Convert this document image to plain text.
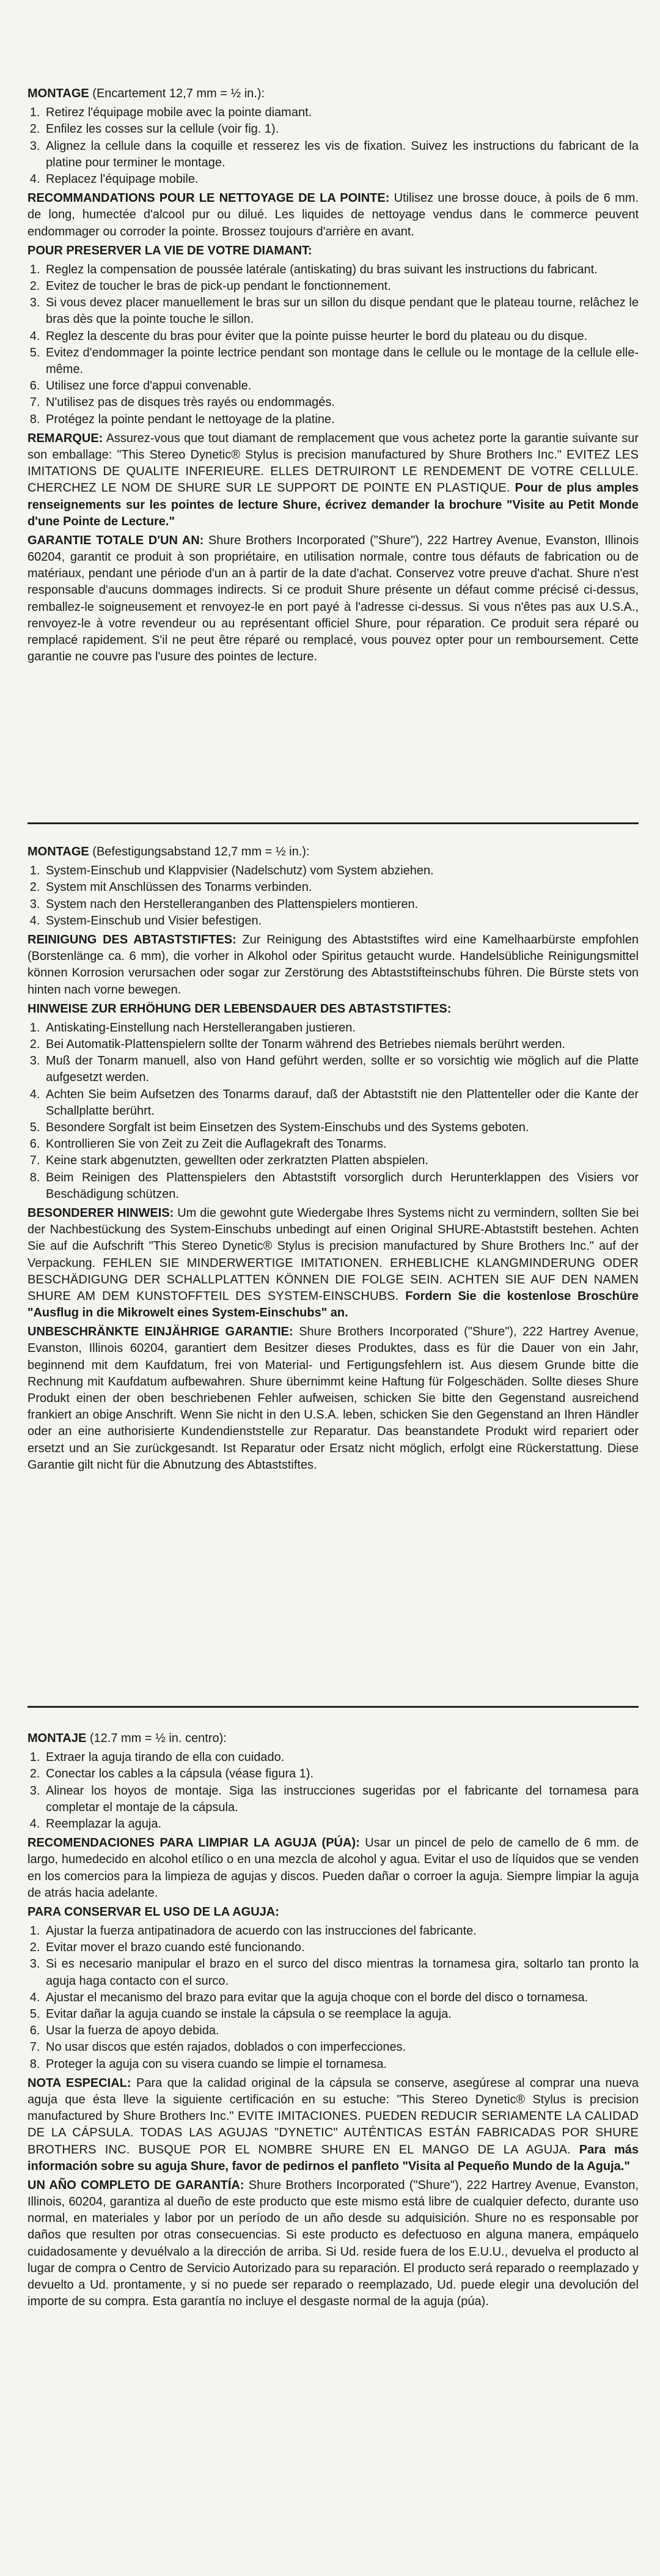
MONTAGE (Encartement 12,7 mm = ½ in.):

1. Retirez l'équipage mobile avec la pointe diamant.
2. Enfilez les cosses sur la cellule (voir fig. 1).
3. Alignez la cellule dans la coquille et resserez les vis de fixation. Suivez les instructions du fabricant de la platine pour terminer le montage.
4. Replacez l'équipage mobile.

RECOMMANDATIONS POUR LE NETTOYAGE DE LA POINTE: Utilisez une brosse douce, à poils de 6 mm. de long, humectée d'alcool pur ou dilué. Les liquides de nettoyage vendus dans le commerce peuvent endommager ou corroder la pointe. Brossez toujours d'arrière en avant.

POUR PRESERVER LA VIE DE VOTRE DIAMANT:

1. Reglez la compensation de poussée latérale (antiskating) du bras suivant les instructions du fabricant.
2. Evitez de toucher le bras de pick-up pendant le fonctionnement.
3. Si vous devez placer manuellement le bras sur un sillon du disque pendant que le plateau tourne, relâchez le bras dès que la pointe touche le sillon.
4. Reglez la descente du bras pour éviter que la pointe puisse heurter le bord du plateau ou du disque.
5. Evitez d'endommager la pointe lectrice pendant son montage dans le cellule ou le montage de la cellule elle-même.
6. Utilisez une force d'appui convenable.
7. N'utilisez pas de disques très rayés ou endommagés.
8. Protégez la pointe pendant le nettoyage de la platine.

REMARQUE: Assurez-vous que tout diamant de remplacement que vous achetez porte la garantie suivante sur son emballage: "This Stereo Dynetic® Stylus is precision manufactured by Shure Brothers Inc." EVITEZ LES IMITATIONS DE QUALITE INFERIEURE. ELLES DETRUIRONT LE RENDEMENT DE VOTRE CELLULE. CHERCHEZ LE NOM DE SHURE SUR LE SUPPORT DE POINTE EN PLASTIQUE. Pour de plus amples renseignements sur les pointes de lecture Shure, écrivez demander la brochure "Visite au Petit Monde d'une Pointe de Lecture."

GARANTIE TOTALE D'UN AN: Shure Brothers Incorporated ("Shure"), 222 Hartrey Avenue, Evanston, Illinois 60204, garantit ce produit à son propriétaire, en utilisation normale, contre tous défauts de fabrication ou de matériaux, pendant une période d'un an à partir de la date d'achat. Conservez votre preuve d'achat. Shure n'est responsable d'aucuns dommages indirects. Si ce produit Shure présente un défaut comme précisé ci-dessus, remballez-le soigneusement et renvoyez-le en port payé à l'adresse ci-dessus. Si vous n'êtes pas aux U.S.A., renvoyez-le à votre revendeur ou au représentant officiel Shure, pour réparation. Ce produit sera réparé ou remplacé rapidement. S'il ne peut être réparé ou remplacé, vous pouvez opter pour un remboursement. Cette garantie ne couvre pas l'usure des pointes de lecture.

MONTAGE (Befestigungsabstand 12,7 mm = ½ in.):

1. System-Einschub und Klappvisier (Nadelschutz) vom System abziehen.
2. System mit Anschlüssen des Tonarms verbinden.
3. System nach den Herstelleranganben des Plattenspielers montieren.
4. System-Einschub und Visier befestigen.

REINIGUNG DES ABTASTSTIFTES: Zur Reinigung des Abtaststiftes wird eine Kamelhaarbürste empfohlen (Borstenlänge ca. 6 mm), die vorher in Alkohol oder Spiritus getaucht wurde. Handelsübliche Reinigungsmittel können Korrosion verursachen oder sogar zur Zerstörung des Abtaststifteinschubs führen. Die Bürste stets von hinten nach vorne bewegen.

HINWEISE ZUR ERHÖHUNG DER LEBENSDAUER DES ABTASTSTIFTES:

1. Antiskating-Einstellung nach Herstellerangaben justieren.
2. Bei Automatik-Plattenspielern sollte der Tonarm während des Betriebes niemals berührt werden.
3. Muß der Tonarm manuell, also von Hand geführt werden, sollte er so vorsichtig wie möglich auf die Platte aufgesetzt werden.
4. Achten Sie beim Aufsetzen des Tonarms darauf, daß der Abtaststift nie den Plattenteller oder die Kante der Schallplatte berührt.
5. Besondere Sorgfalt ist beim Einsetzen des System-Einschubs und des Systems geboten.
6. Kontrollieren Sie von Zeit zu Zeit die Auflagekraft des Tonarms.
7. Keine stark abgenutzten, gewellten oder zerkratzten Platten abspielen.
8. Beim Reinigen des Plattenspielers den Abtaststift vorsorglich durch Herunterklappen des Visiers vor Beschädigung schützen.

BESONDERER HINWEIS: Um die gewohnt gute Wiedergabe Ihres Systems nicht zu vermindern, sollten Sie bei der Nachbestückung des System-Einschubs unbedingt auf einen Original SHURE-Abtaststift bestehen. Achten Sie auf die Aufschrift "This Stereo Dynetic® Stylus is precision manufactured by Shure Brothers Inc." auf der Verpackung. FEHLEN SIE MINDERWERTIGE IMITATIONEN. ERHEBLICHE KLANGMINDERUNG ODER BESCHÄDIGUNG DER SCHALLPLATTEN KÖNNEN DIE FOLGE SEIN. ACHTEN SIE AUF DEN NAMEN SHURE AM DEM KUNSTOFFTEIL DES SYSTEM-EINSCHUBS. Fordern Sie die kostenlose Broschüre "Ausflug in die Mikrowelt eines System-Einschubs" an.

UNBESCHRÄNKTE EINJÄHRIGE GARANTIE: Shure Brothers Incorporated ("Shure"), 222 Hartrey Avenue, Evanston, Illinois 60204, garantiert dem Besitzer dieses Produktes, dass es für die Dauer von ein Jahr, beginnend mit dem Kaufdatum, frei von Material- und Fertigungsfehlern ist. Aus diesem Grunde bitte die Rechnung mit Kaufdatum aufbewahren. Shure übernimmt keine Haftung für Folgeschäden. Sollte dieses Shure Produkt einen der oben beschriebenen Fehler aufweisen, schicken Sie bitte den Gegenstand ausreichend frankiert an obige Anschrift. Wenn Sie nicht in den U.S.A. leben, schicken Sie den Gegenstand an Ihren Händler oder an eine authorisierte Kundendienststelle zur Reparatur. Das beanstandete Produkt wird repariert oder ersetzt und an Sie zurückgesandt. Ist Reparatur oder Ersatz nicht möglich, erfolgt eine Rückerstattung. Diese Garantie gilt nicht für die Abnutzung des Abtaststiftes.

MONTAJE (12.7 mm = ½ in. centro):

1. Extraer la aguja tirando de ella con cuidado.
2. Conectar los cables a la cápsula (véase figura 1).
3. Alinear los hoyos de montaje. Siga las instrucciones sugeridas por el fabricante del tornamesa para completar el montaje de la cápsula.
4. Reemplazar la aguja.

RECOMENDACIONES PARA LIMPIAR LA AGUJA (PÚA): Usar un pincel de pelo de camello de 6 mm. de largo, humedecido en alcohol etílico o en una mezcla de alcohol y agua. Evitar el uso de líquidos que se venden en los comercios para la limpieza de agujas y discos. Pueden dañar o corroer la aguja. Siempre limpiar la aguja de atrás hacia adelante.

PARA CONSERVAR EL USO DE LA AGUJA:

1. Ajustar la fuerza antipatinadora de acuerdo con las instrucciones del fabricante.
2. Evitar mover el brazo cuando esté funcionando.
3. Si es necesario manipular el brazo en el surco del disco mientras la tornamesa gira, soltarlo tan pronto la aguja haga contacto con el surco.
4. Ajustar el mecanismo del brazo para evitar que la aguja choque con el borde del disco o tornamesa.
5. Evitar dañar la aguja cuando se instale la cápsula o se reemplace la aguja.
6. Usar la fuerza de apoyo debida.
7. No usar discos que estén rajados, doblados o con imperfecciones.
8. Proteger la aguja con su visera cuando se limpie el tornamesa.

NOTA ESPECIAL: Para que la calidad original de la cápsula se conserve, asegúrese al comprar una nueva aguja que ésta lleve la siguiente certificación en su estuche: "This Stereo Dynetic® Stylus is precision manufactured by Shure Brothers Inc." EVITE IMITACIONES. PUEDEN REDUCIR SERIAMENTE LA CALIDAD DE LA CÁPSULA. TODAS LAS AGUJAS "DYNETIC" AUTÉNTICAS ESTÁN FABRICADAS POR SHURE BROTHERS INC. BUSQUE POR EL NOMBRE SHURE EN EL MANGO DE LA AGUJA. Para más información sobre su aguja Shure, favor de pedirnos el panfleto "Visita al Pequeño Mundo de la Aguja."

UN AÑO COMPLETO DE GARANTÍA: Shure Brothers Incorporated ("Shure"), 222 Hartrey Avenue, Evanston, Illinois, 60204, garantiza al dueño de este producto que este mismo está libre de cualquier defecto, durante uso normal, en materiales y labor por un período de un año desde su adquisición. Shure no es responsable por daños que resulten por otras consecuencias. Si este producto es defectuoso en alguna manera, empáquelo cuidadosamente y devuélvalo a la dirección de arriba. Si Ud. reside fuera de los E.U.U., devuelva el producto al lugar de compra o Centro de Servicio Autorizado para su reparación. El producto será reparado o reemplazado y devuelto a Ud. prontamente, y si no puede ser reparado o reemplazado, Ud. puede elegir una devolución del importe de su compra. Esta garantía no incluye el desgaste normal de la aguja (púa).
